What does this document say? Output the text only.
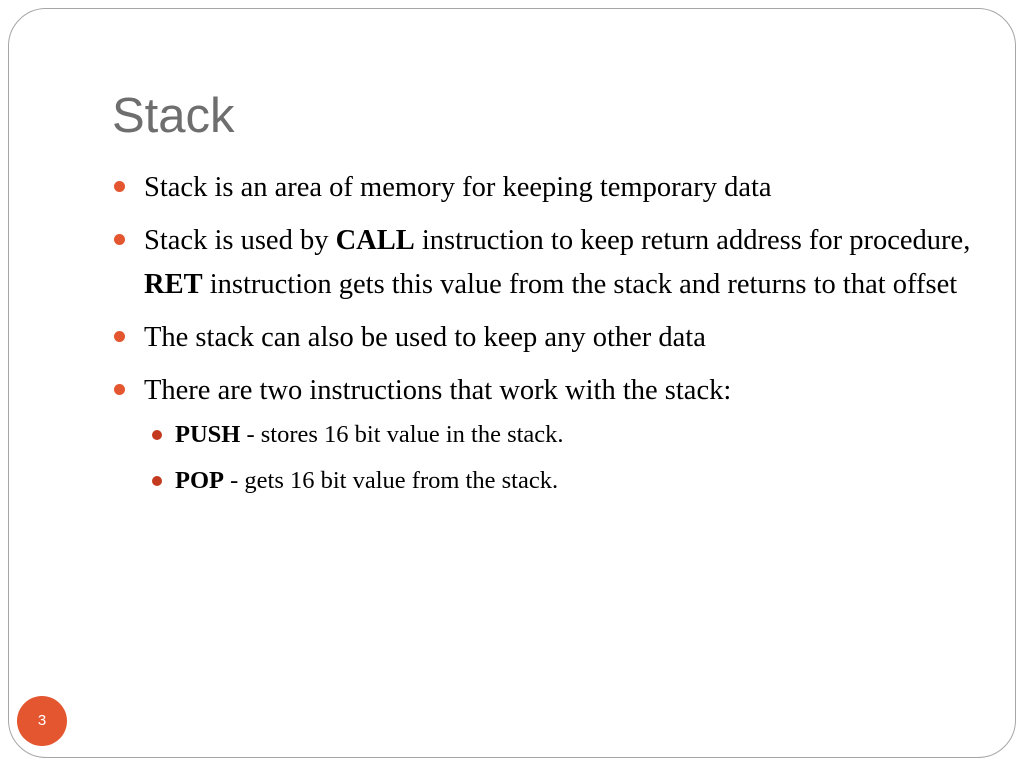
Stack
Stack is an area of memory for keeping temporary data
Stack is used by CALL instruction to keep return address for procedure, RET instruction gets this value from the stack and returns to that offset
The stack can also be used to keep any other data
There are two instructions that work with the stack:
PUSH - stores 16 bit value in the stack.
POP - gets 16 bit value from the stack.
3
